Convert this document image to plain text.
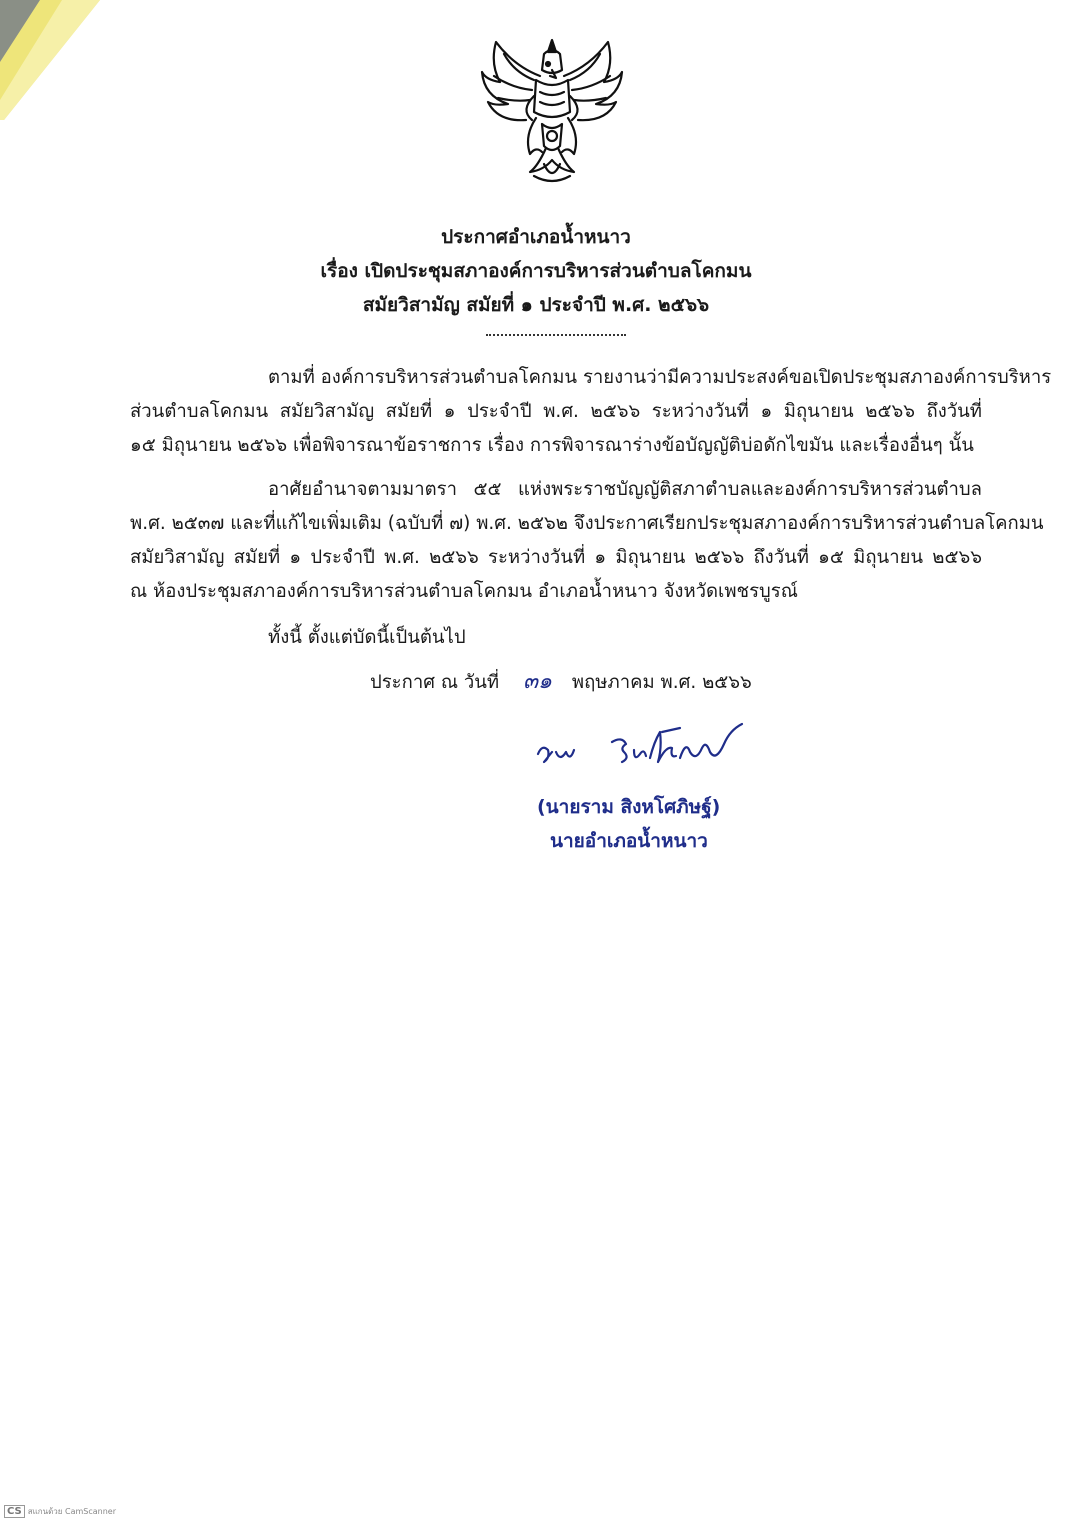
ประกาศอำเภอน้ำหนาว
เรื่อง เปิดประชุมสภาองค์การบริหารส่วนตำบลโคกมน
สมัยวิสามัญ สมัยที่ ๑ ประจำปี พ.ศ. ๒๕๖๖
ตามที่ องค์การบริหารส่วนตำบลโคกมน รายงานว่ามีความประสงค์ขอเปิดประชุมสภาองค์การบริหาร
ส่วนตำบลโคกมน สมัยวิสามัญ สมัยที่ ๑ ประจำปี พ.ศ. ๒๕๖๖ ระหว่างวันที่ ๑ มิถุนายน ๒๕๖๖ ถึงวันที่
๑๕ มิถุนายน ๒๕๖๖ เพื่อพิจารณาข้อราชการ เรื่อง การพิจารณาร่างข้อบัญญัติบ่อดักไขมัน และเรื่องอื่นๆ นั้น
อาศัยอำนาจตามมาตรา ๕๕ แห่งพระราชบัญญัติสภาตำบลและองค์การบริหารส่วนตำบล
พ.ศ. ๒๕๓๗ และที่แก้ไขเพิ่มเติม (ฉบับที่ ๗) พ.ศ. ๒๕๖๒ จึงประกาศเรียกประชุมสภาองค์การบริหารส่วนตำบลโคกมน
สมัยวิสามัญ สมัยที่ ๑ ประจำปี พ.ศ. ๒๕๖๖ ระหว่างวันที่ ๑ มิถุนายน ๒๕๖๖ ถึงวันที่ ๑๕ มิถุนายน ๒๕๖๖
ณ ห้องประชุมสภาองค์การบริหารส่วนตำบลโคกมน อำเภอน้ำหนาว จังหวัดเพชรบูรณ์
ทั้งนี้ ตั้งแต่บัดนี้เป็นต้นไป
ประกาศ ณ วันที่ ๓๑ พฤษภาคม พ.ศ. ๒๕๖๖
(นายราม สิงหโศภิษฐ์)
นายอำเภอน้ำหนาว
CS สแกนด้วย CamScanner
